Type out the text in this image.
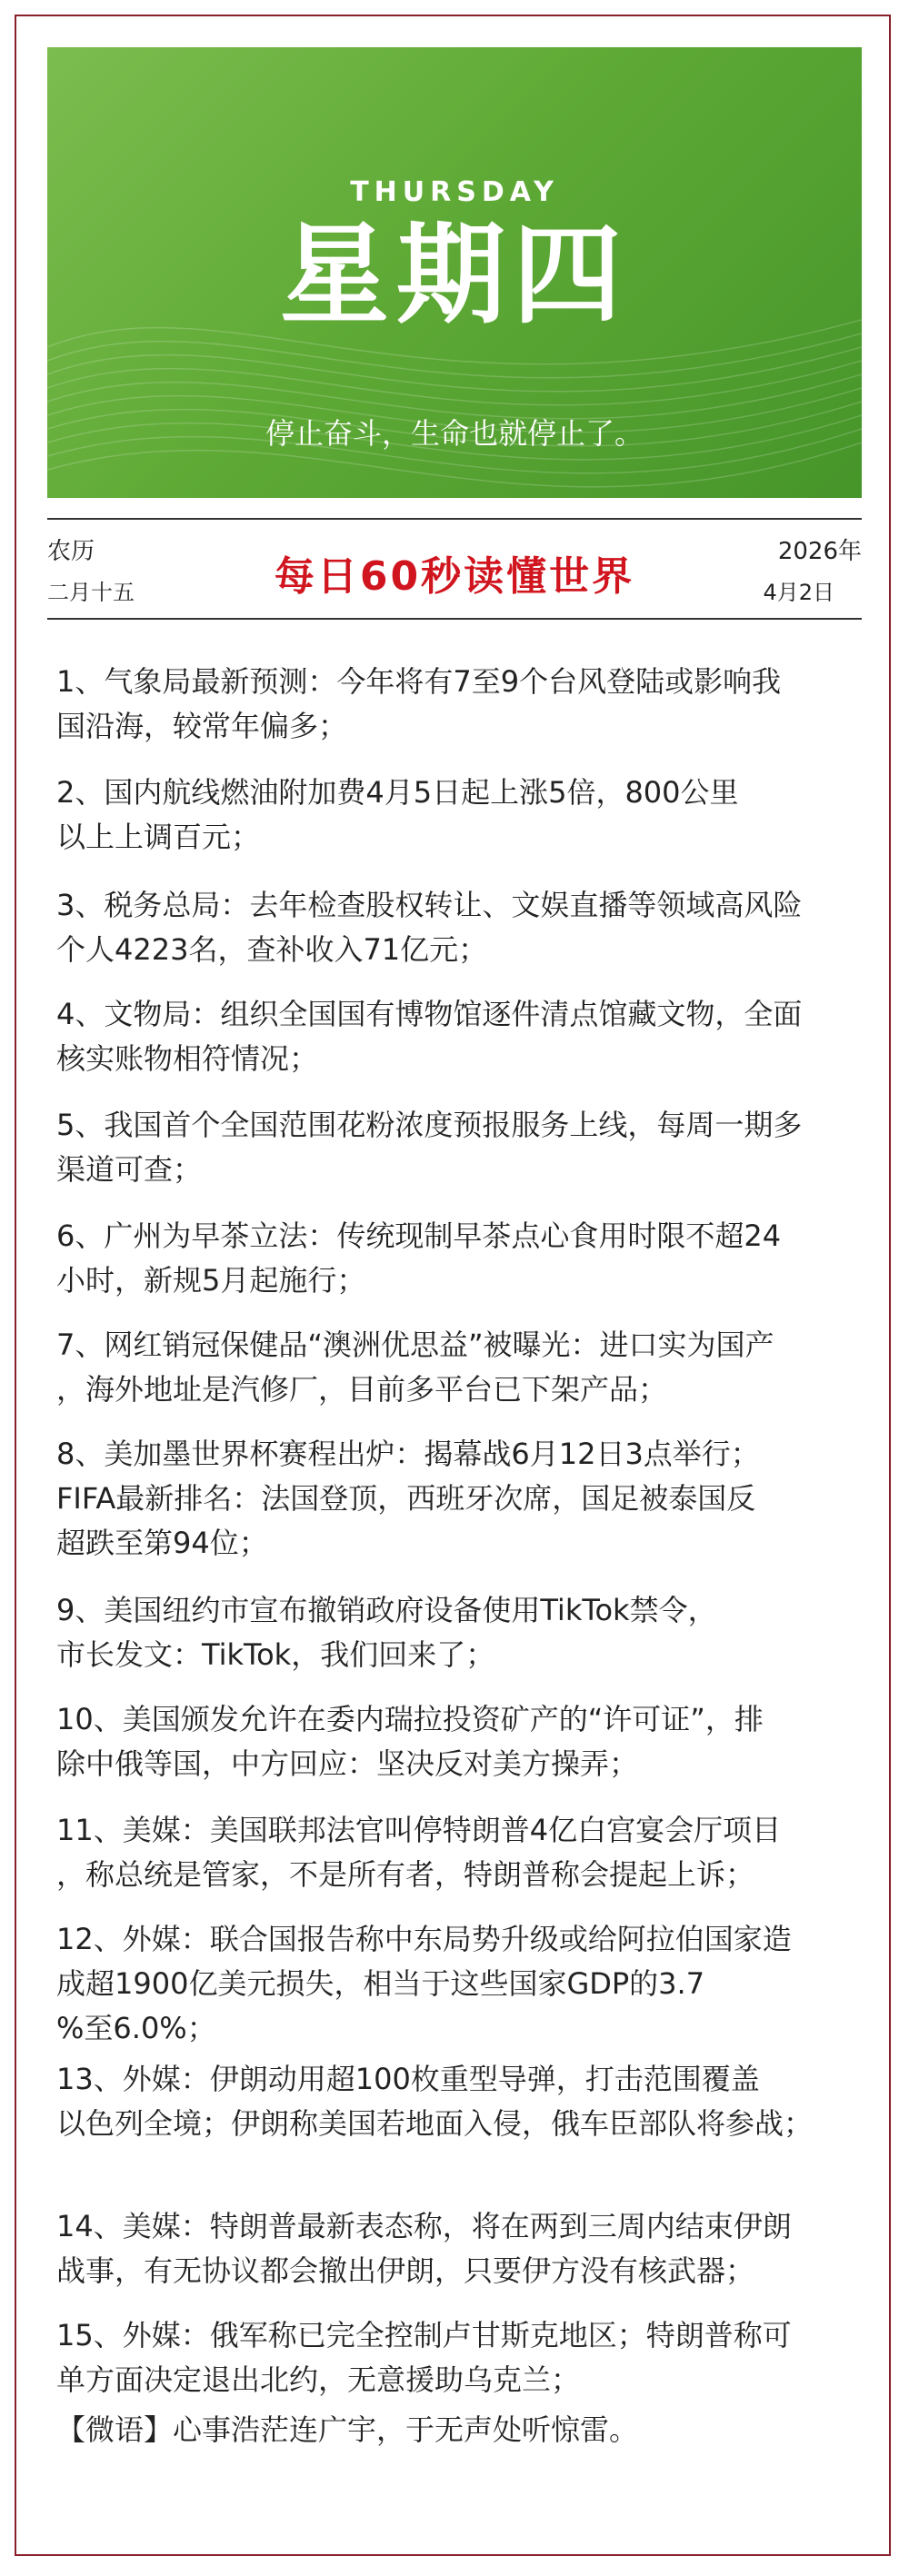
THURSDAY
星期四
停止奋斗，生命也就停止了。
农历
二月十五	每日60秒读懂世界
2026年
4月2日

1、气象局最新预测：今年将有7至9个台风登陆或影响我
国沿海，较常年偏多；

2、国内航线燃油附加费4月5日起上涨5倍，800公里
以上上调百元；

3、税务总局：去年检查股权转让、文娱直播等领域高风险
个人4223名，查补收入71亿元；

4、文物局：组织全国国有博物馆逐件清点馆藏文物，全面
核实账物相符情况；

5、我国首个全国范围花粉浓度预报服务上线，每周一期多
渠道可查；

6、广州为早茶立法：传统现制早茶点心食用时限不超24
小时，新规5月起施行；

7、网红销冠保健品“澳洲优思益”被曝光：进口实为国产
，海外地址是汽修厂，目前多平台已下架产品；

8、美加墨世界杯赛程出炉：揭幕战6月12日3点举行；
FIFA最新排名：法国登顶，西班牙次席，国足被泰国反
超跌至第94位；

9、美国纽约市宣布撤销政府设备使用TikTok禁令，
市长发文：TikTok，我们回来了；

10、美国颁发允许在委内瑞拉投资矿产的“许可证”，排
除中俄等国，中方回应：坚决反对美方操弄；

11、美媒：美国联邦法官叫停特朗普4亿白宫宴会厅项目
，称总统是管家，不是所有者，特朗普称会提起上诉；

12、外媒：联合国报告称中东局势升级或给阿拉伯国家造
成超1900亿美元损失，相当于这些国家GDP的3.7
%至6.0%；

13、外媒：伊朗动用超100枚重型导弹，打击范围覆盖
以色列全境；伊朗称美国若地面入侵，俄车臣部队将参战；

14、美媒：特朗普最新表态称，将在两到三周内结束伊朗
战事，有无协议都会撤出伊朗，只要伊方没有核武器；

15、外媒：俄军称已完全控制卢甘斯克地区；特朗普称可
单方面决定退出北约，无意援助乌克兰；

【微语】心事浩茫连广宇，于无声处听惊雷。
